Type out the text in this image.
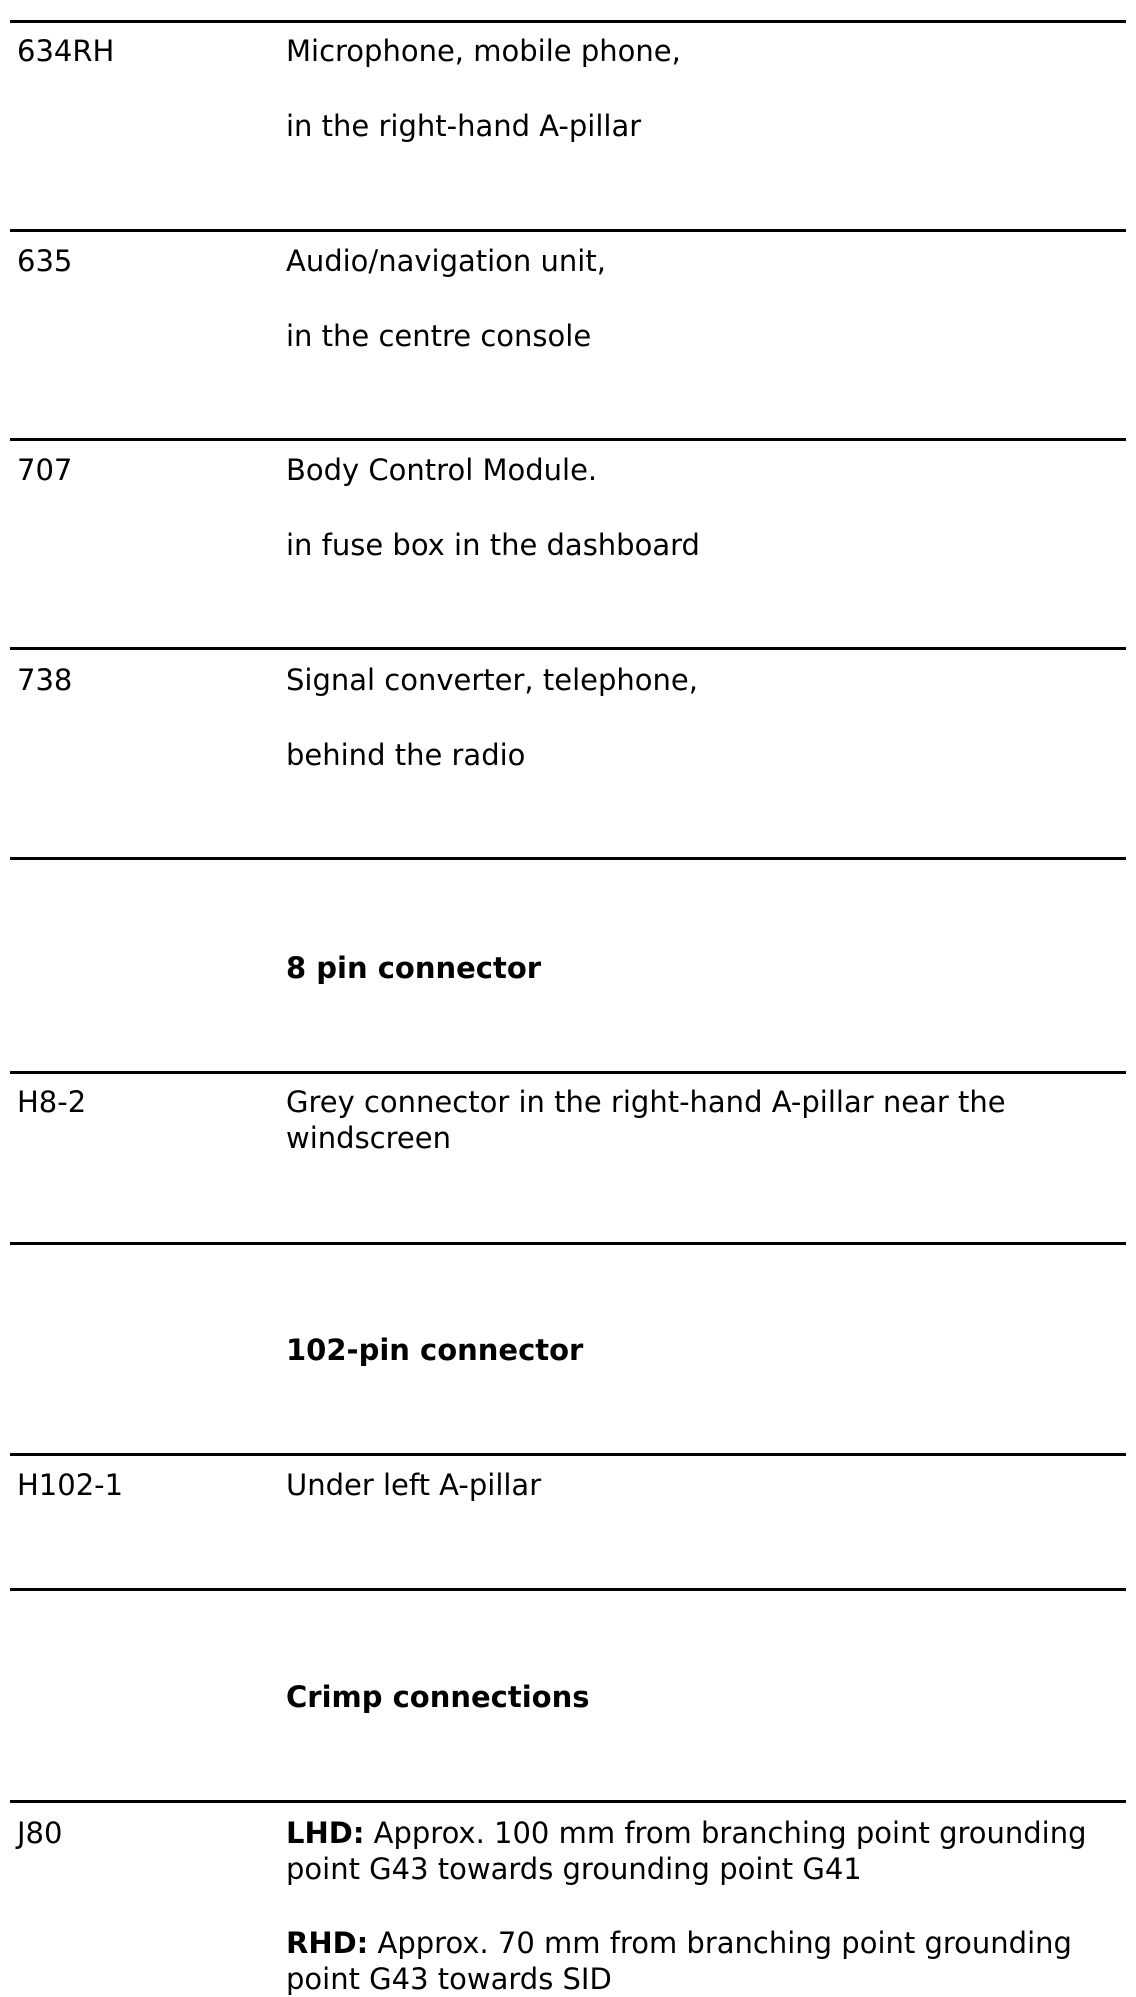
634RH	Microphone, mobile phone,
in the right-hand A-pillar
635	Audio/navigation unit,
in the centre console
707	Body Control Module.
in fuse box in the dashboard
738	Signal converter, telephone,
behind the radio
8 pin connector
H8-2	Grey connector in the right-hand A-pillar near the windscreen
102-pin connector
H102-1	Under left A-pillar
Crimp connections
J80	LHD: Approx. 100 mm from branching point grounding point G43 towards grounding point G41
RHD: Approx. 70 mm from branching point grounding point G43 towards SID
